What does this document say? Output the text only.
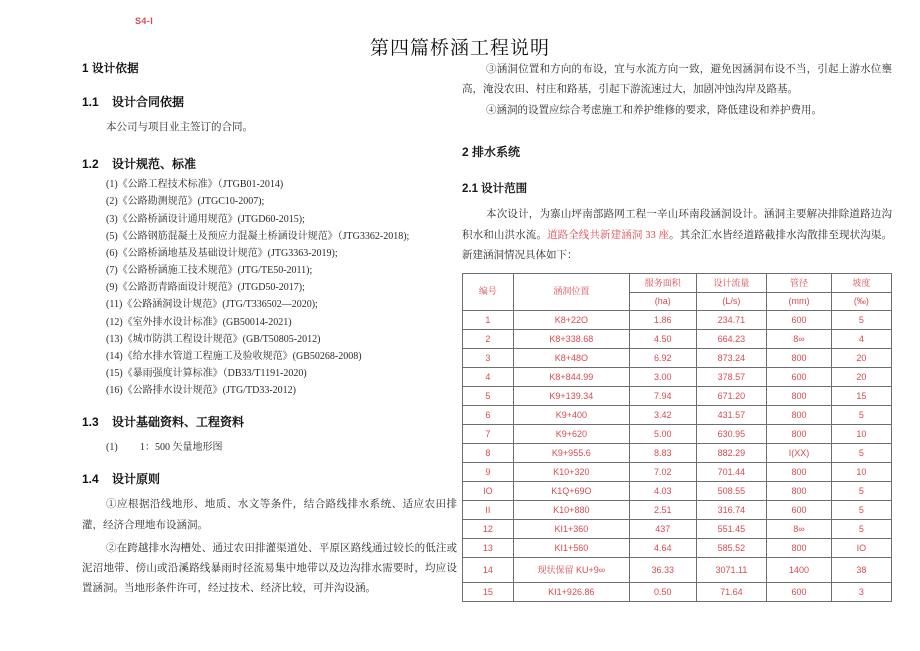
S4-I
第四篇桥涵工程说明
1 设计依据
1.1 设计合同依据

本公司与项目业主签订的合同。

1.2 设计规范、标准
(1)《公路工程技术标准》（JTGB01-2014)
(2)《公路勘测规范》(JTGC10-2007);
(3)《公路桥涵设计通用规范》(JTGD60-2015);
(5)《公路钢筋混凝土及预应力混凝土桥涵设计规范》（JTG3362-2018);
(6)《公路桥涵地基及基础设计规范》(JTG3363-2019);
(7)《公路桥涵施工技术规范》(JTG/TE50-2011);
(9)《公路沥青路面设计规范》(JTGD50-2017);
(11)《公路涵洞设计规范》(JTG/T336502—2020);
(12)《室外排水设计标准》(GB50014-2021)
(13)《城市防洪工程设计规范》(GB/T50805-2012)
(14)《给水排水管道工程施工及验收规范》(GB50268-2008)
(15)《暴雨强度计算标准》（DB33/T1191-2020)
(16)《公路排水设计规范》(JTG/TD33-2012)
1.3 设计基础资料、工程资料

(1) 1：500 矢量地形图

1.4 设计原则

①应根据沿线地形、地质、水文等条件，结合路线排水系统、适应农田排灌，经济合理地布设涵洞。

②在跨越排水沟槽处、通过农田排灌渠道处、平原区路线通过较长的低注或泥沼地带、傍山或沿溪路线暴雨时径流易集中地带以及边沟排水需要时，均应设置涵洞。当地形条件许可，经过技术、经济比较，可并沟设涵。

③涵洞位置和方向的布设，宜与水流方向一致，避免因涵洞布设不当，引起上游水位壅高，淹没农田、村庄和路基，引起下游流速过大，加剧冲蚀沟岸及路基。

④涵洞的设置应综合考虑施工和养护维修的要求，降低建设和养护费用。

2 排水系统
2.1 设计范围

本次设计，为寨山坪南部路网工程一辛山环南段涵洞设计。涵洞主要解决排除道路边沟积水和山洪水流。道路全线共新建涵洞 33 座。其余汇水皆经道路截排水沟散排至现状沟渠。新建涵洞情况具体如下：

编号	涵洞位置	服务面积	设计流量	管径	坡度
		(ha)	(L/s)	(mm)	(‰)
1	K8+22O	1.86	234.71	600	5
2	K8+338.68	4.50	664.23	8∞	4
3	K8+48O	6.92	873.24	800	20
4	K8+844.99	3.00	378.57	600	20
5	K9+139.34	7.94	671.20	800	15
6	K9+400	3.42	431.57	800	5
7	K9+620	5.00	630.95	800	10
8	K9+955.6	8.83	882.29	I(XX)	5
9	K10+320	7.02	701.44	800	10
IO	K1Q+69O	4.03	508.55	800	5
II	K10+880	2.51	316.74	600	5
12	KI1+360	437	551.45	8∞	5
13	KI1+560	4.64	585.52	800	IO
14	现状保留 KU+9∞	36.33	3071.11	1400	38
15	KI1+926.86	0.50	71.64	600	3
